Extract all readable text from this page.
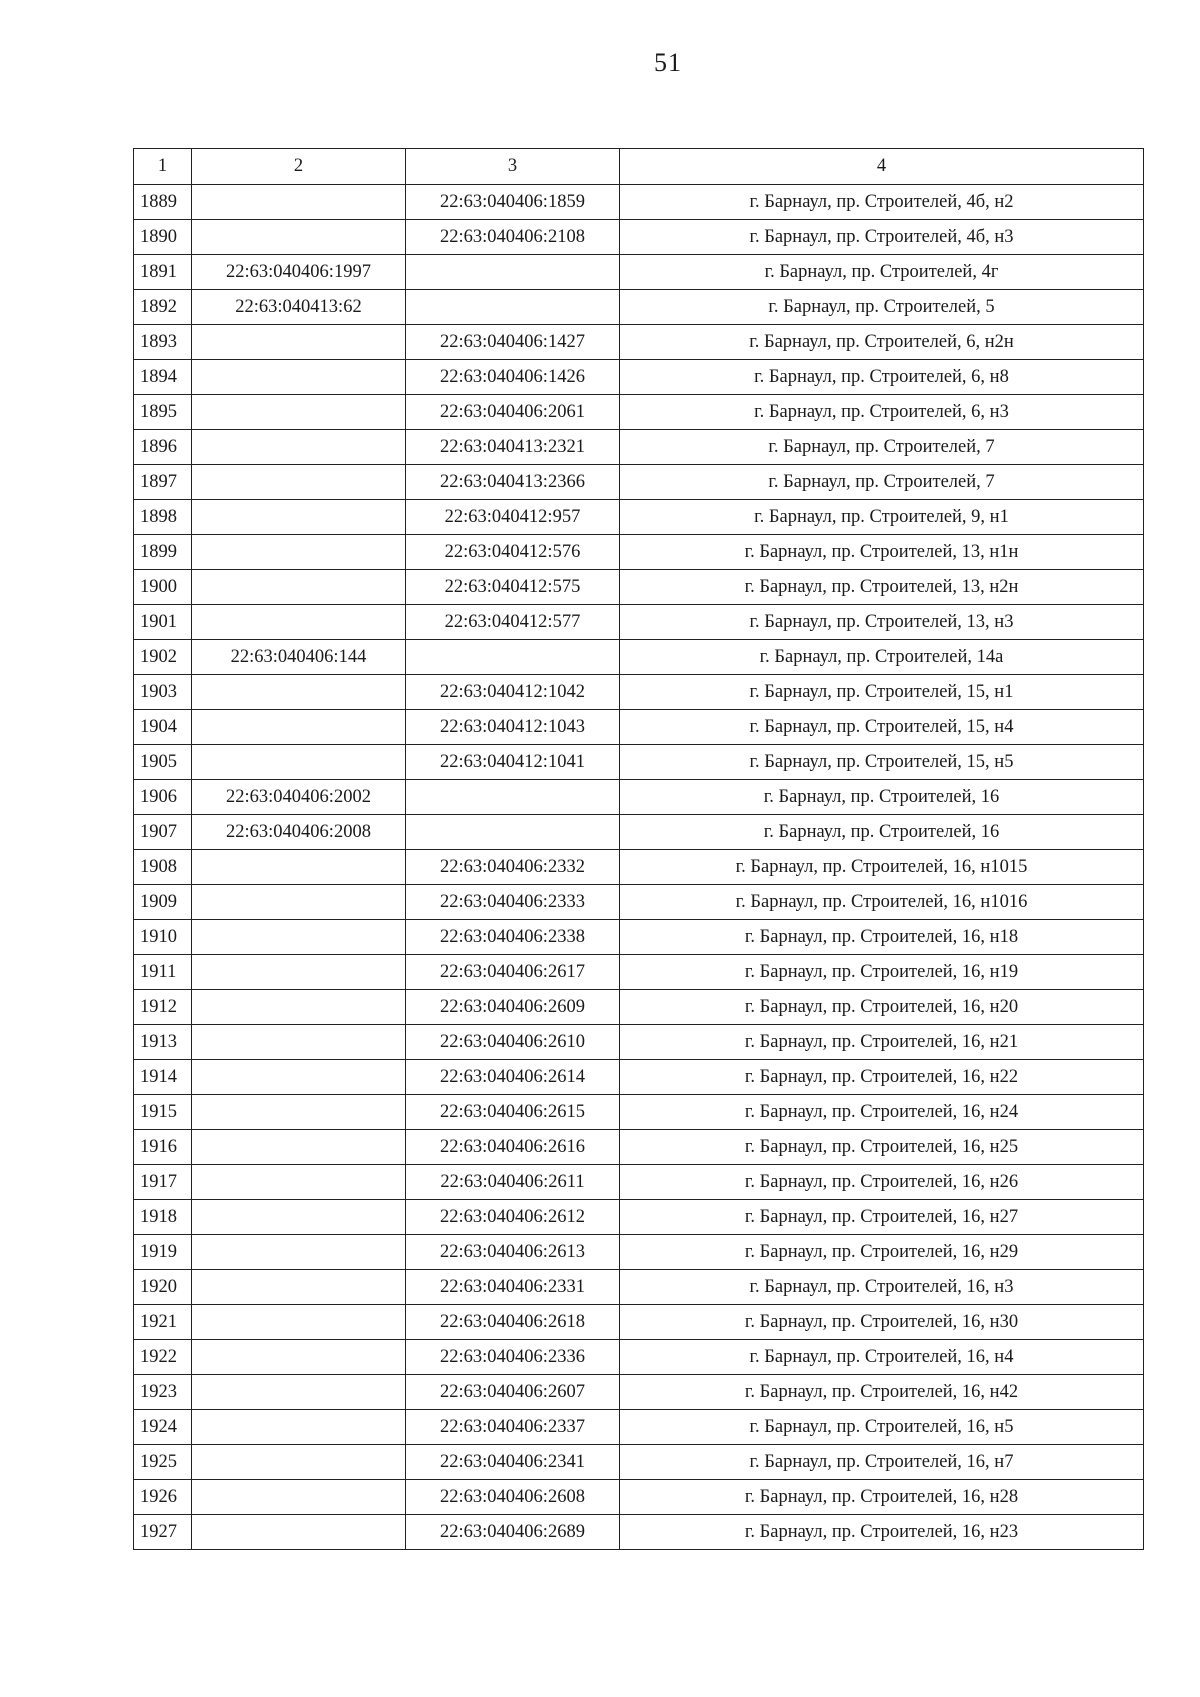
51
1	2	3	4
1889		22:63:040406:1859	г. Барнаул, пр. Строителей, 4б, н2
1890		22:63:040406:2108	г. Барнаул, пр. Строителей, 4б, н3
1891	22:63:040406:1997		г. Барнаул, пр. Строителей, 4г
1892	22:63:040413:62		г. Барнаул, пр. Строителей, 5
1893		22:63:040406:1427	г. Барнаул, пр. Строителей, 6, н2н
1894		22:63:040406:1426	г. Барнаул, пр. Строителей, 6, н8
1895		22:63:040406:2061	г. Барнаул, пр. Строителей, 6, н3
1896		22:63:040413:2321	г. Барнаул, пр. Строителей, 7
1897		22:63:040413:2366	г. Барнаул, пр. Строителей, 7
1898		22:63:040412:957	г. Барнаул, пр. Строителей, 9, н1
1899		22:63:040412:576	г. Барнаул, пр. Строителей, 13, н1н
1900		22:63:040412:575	г. Барнаул, пр. Строителей, 13, н2н
1901		22:63:040412:577	г. Барнаул, пр. Строителей, 13, н3
1902	22:63:040406:144		г. Барнаул, пр. Строителей, 14а
1903		22:63:040412:1042	г. Барнаул, пр. Строителей, 15, н1
1904		22:63:040412:1043	г. Барнаул, пр. Строителей, 15, н4
1905		22:63:040412:1041	г. Барнаул, пр. Строителей, 15, н5
1906	22:63:040406:2002		г. Барнаул, пр. Строителей, 16
1907	22:63:040406:2008		г. Барнаул, пр. Строителей, 16
1908		22:63:040406:2332	г. Барнаул, пр. Строителей, 16, н1015
1909		22:63:040406:2333	г. Барнаул, пр. Строителей, 16, н1016
1910		22:63:040406:2338	г. Барнаул, пр. Строителей, 16, н18
1911		22:63:040406:2617	г. Барнаул, пр. Строителей, 16, н19
1912		22:63:040406:2609	г. Барнаул, пр. Строителей, 16, н20
1913		22:63:040406:2610	г. Барнаул, пр. Строителей, 16, н21
1914		22:63:040406:2614	г. Барнаул, пр. Строителей, 16, н22
1915		22:63:040406:2615	г. Барнаул, пр. Строителей, 16, н24
1916		22:63:040406:2616	г. Барнаул, пр. Строителей, 16, н25
1917		22:63:040406:2611	г. Барнаул, пр. Строителей, 16, н26
1918		22:63:040406:2612	г. Барнаул, пр. Строителей, 16, н27
1919		22:63:040406:2613	г. Барнаул, пр. Строителей, 16, н29
1920		22:63:040406:2331	г. Барнаул, пр. Строителей, 16, н3
1921		22:63:040406:2618	г. Барнаул, пр. Строителей, 16, н30
1922		22:63:040406:2336	г. Барнаул, пр. Строителей, 16, н4
1923		22:63:040406:2607	г. Барнаул, пр. Строителей, 16, н42
1924		22:63:040406:2337	г. Барнаул, пр. Строителей, 16, н5
1925		22:63:040406:2341	г. Барнаул, пр. Строителей, 16, н7
1926		22:63:040406:2608	г. Барнаул, пр. Строителей, 16, н28
1927		22:63:040406:2689	г. Барнаул, пр. Строителей, 16, н23
